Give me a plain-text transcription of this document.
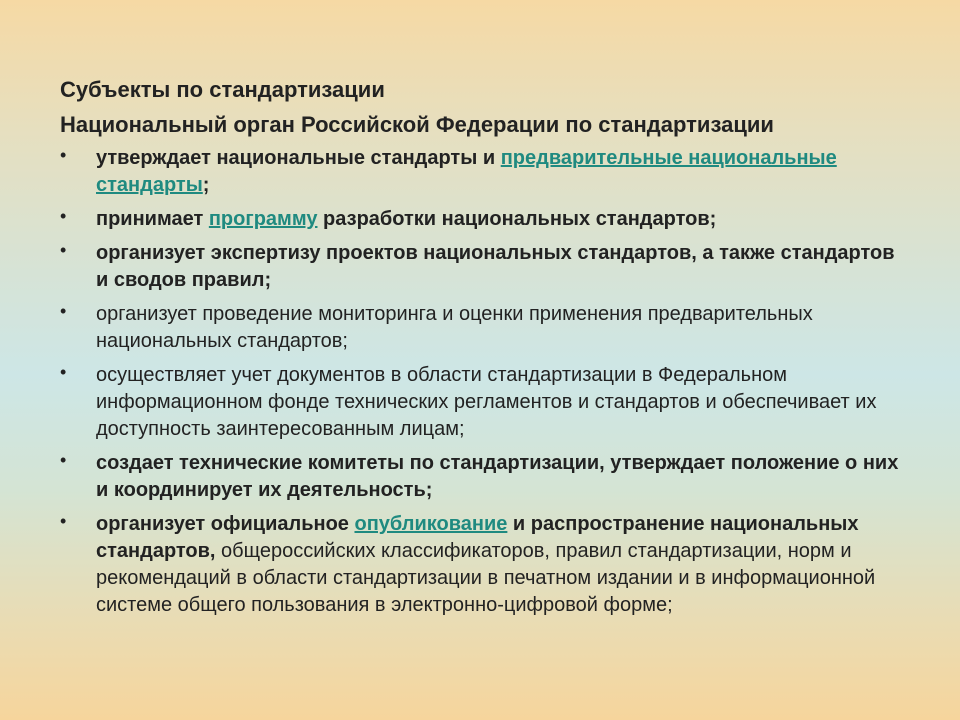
Субъекты по стандартизации
Национальный орган Российской Федерации по стандартизации
• утверждает национальные стандарты и предварительные национальные стандарты;
• принимает программу разработки национальных стандартов;
• организует экспертизу проектов национальных стандартов, а также стандартов и сводов правил;
• организует проведение мониторинга и оценки применения предварительных национальных стандартов;
• осуществляет учет документов в области стандартизации в Федеральном информационном фонде технических регламентов и стандартов и обеспечивает их доступность заинтересованным лицам;
• создает технические комитеты по стандартизации, утверждает положение о них и координирует их деятельность;
• организует официальное опубликование и распространение национальных стандартов, общероссийских классификаторов, правил стандартизации, норм и рекомендаций в области стандартизации в печатном издании и в информационной системе общего пользования в электронно-цифровой форме;
